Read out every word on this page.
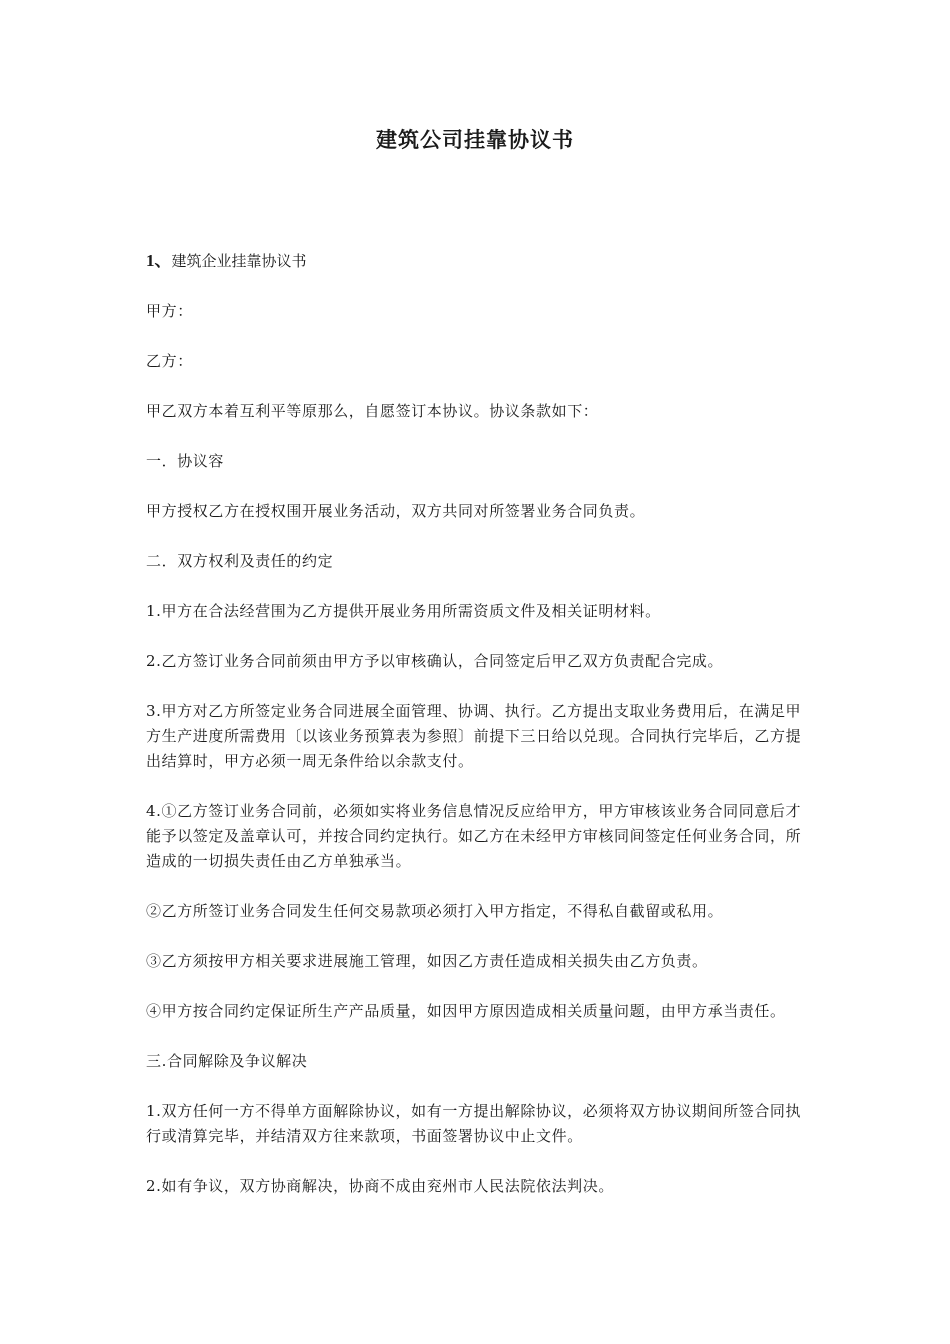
建筑公司挂靠协议书

1、建筑企业挂靠协议书

甲方：

乙方：

甲乙双方本着互利平等原那么，自愿签订本协议。协议条款如下：

一．协议容

甲方授权乙方在授权围开展业务活动，双方共同对所签署业务合同负责。

二．双方权利及责任的约定

1.甲方在合法经营围为乙方提供开展业务用所需资质文件及相关证明材料。

2.乙方签订业务合同前须由甲方予以审核确认，合同签定后甲乙双方负责配合完成。

3.甲方对乙方所签定业务合同进展全面管理、协调、执行。乙方提出支取业务费用后，在满足甲方生产进度所需费用〔以该业务预算表为参照〕前提下三日给以兑现。合同执行完毕后，乙方提出结算时，甲方必须一周无条件给以余款支付。

4.①乙方签订业务合同前，必须如实将业务信息情况反应给甲方，甲方审核该业务合同同意后才能予以签定及盖章认可，并按合同约定执行。如乙方在未经甲方审核同间签定任何业务合同，所造成的一切损失责任由乙方单独承当。

②乙方所签订业务合同发生任何交易款项必须打入甲方指定，不得私自截留或私用。

③乙方须按甲方相关要求进展施工管理，如因乙方责任造成相关损失由乙方负责。

④甲方按合同约定保证所生产产品质量，如因甲方原因造成相关质量问题，由甲方承当责任。

三.合同解除及争议解决

1.双方任何一方不得单方面解除协议，如有一方提出解除协议，必须将双方协议期间所签合同执行或清算完毕，并结清双方往来款项，书面签署协议中止文件。

2.如有争议，双方协商解决，协商不成由兖州市人民法院依法判决。
